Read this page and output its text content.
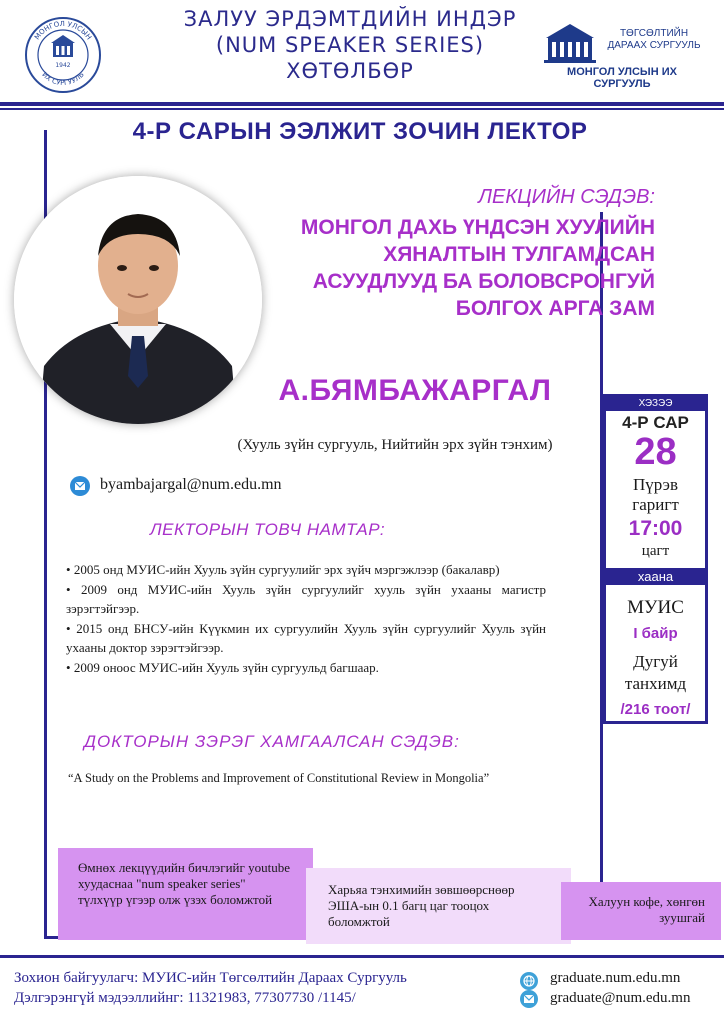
МОНГОЛ УЛСЫН
ИХ СУРГУУЛЬ
1942
ЗАЛУУ ЭРДЭМТДИЙН ИНДЭР
(NUM SPEAKER SERIES)
ХӨТӨЛБӨР
ТӨГСӨЛТИЙН
ДАРААХ СУРГУУЛЬ
МОНГОЛ УЛСЫН ИХ СУРГУУЛЬ
4-Р САРЫН ЭЭЛЖИТ ЗОЧИН ЛЕКТОР
ЛЕКЦИЙН СЭДЭВ:
МОНГОЛ ДАХЬ ҮНДСЭН ХУУЛИЙН
ХЯНАЛТЫН ТУЛГАМДСАН
АСУУДЛУУД БА БОЛОВСРОНГУЙ
БОЛГОХ АРГА ЗАМ
А.БЯМБАЖАРГАЛ
(Хууль зүйн сургууль, Нийтийн эрх зүйн тэнхим)
byambajargal@num.edu.mn
ЛЕКТОРЫН ТОВЧ НАМТАР:
• 2005 онд МУИС-ийн Хууль зүйн сургуулийг эрх зүйч мэргэжлээр (бакалавр)
• 2009 онд МУИС-ийн Хууль зүйн сургуулийг хууль зүйн ухааны магистр зэрэгтэйгээр.
• 2015 онд БНСУ-ийн Күүкмин их сургуулийн Хууль зүйн сургуулийг Хууль зүйн ухааны доктор зэрэгтэйгээр.
• 2009 оноос МУИС-ийн Хууль зүйн сургуульд багшаар.
ДОКТОРЫН ЗЭРЭГ ХАМГААЛСАН СЭДЭВ:
“A Study on the Problems and Improvement of Constitutional Review in Mongolia”
ХЭЗЭЭ
4-Р САР
28
Пүрэв
гаригт
17:00
цагт
хаана
МУИС
I байр
Дугуй
танхимд
/216 тоот/
Өмнөх лекцүүдийн бичлэгийг youtube хуудаснаа "num speaker series" түлхүүр үгээр олж үзэх боломжтой
Харьяа тэнхимийн зөвшөөрснөөр ЭША-ын 0.1 багц цаг тооцох боломжтой
Халуун кофе, хөнгөн зуушгай
Зохион байгуулагч: МУИС-ийн Төгсөлтийн Дараах Сургууль
Дэлгэрэнгүй мэдээллийнг: 11321983, 77307730 /1145/
graduate.num.edu.mn
graduate@num.edu.mn
